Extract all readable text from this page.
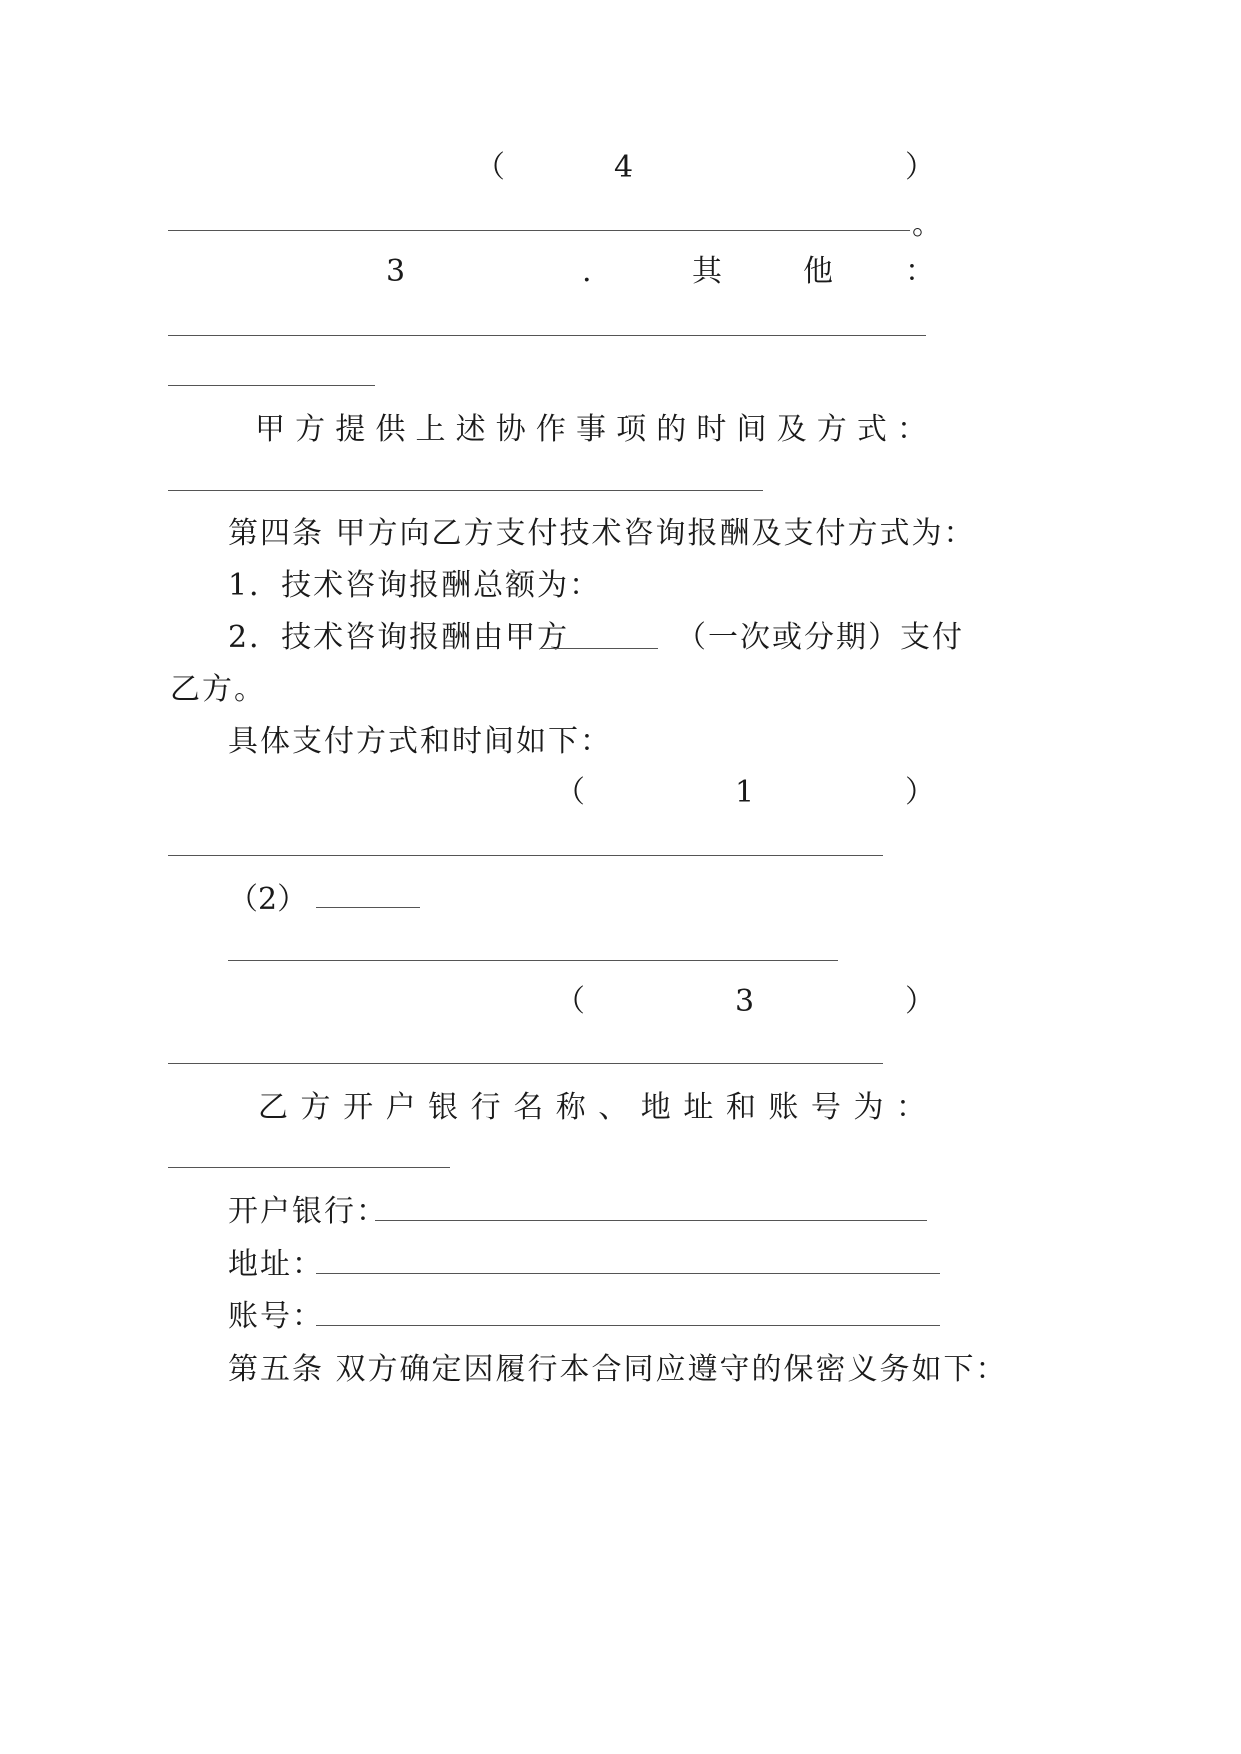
（	4	）
。
3	.	其	他 ：
甲 方 提 供 上 述 协 作 事 项 的 时 间 及 方 式 ：
第四条 甲方向乙方支付技术咨询报酬及支付方式为：
1．技术咨询报酬总额为：
2．技术咨询报酬由甲方	（一次或分期）支付
乙方。
具体支付方式和时间如下：
（	1	）
（2）
（	3	）
乙 方 开 户 银 行 名 称 、 地 址 和 账 号 为 ：
开户银行：
地址：
账号：
第五条 双方确定因履行本合同应遵守的保密义务如下：
